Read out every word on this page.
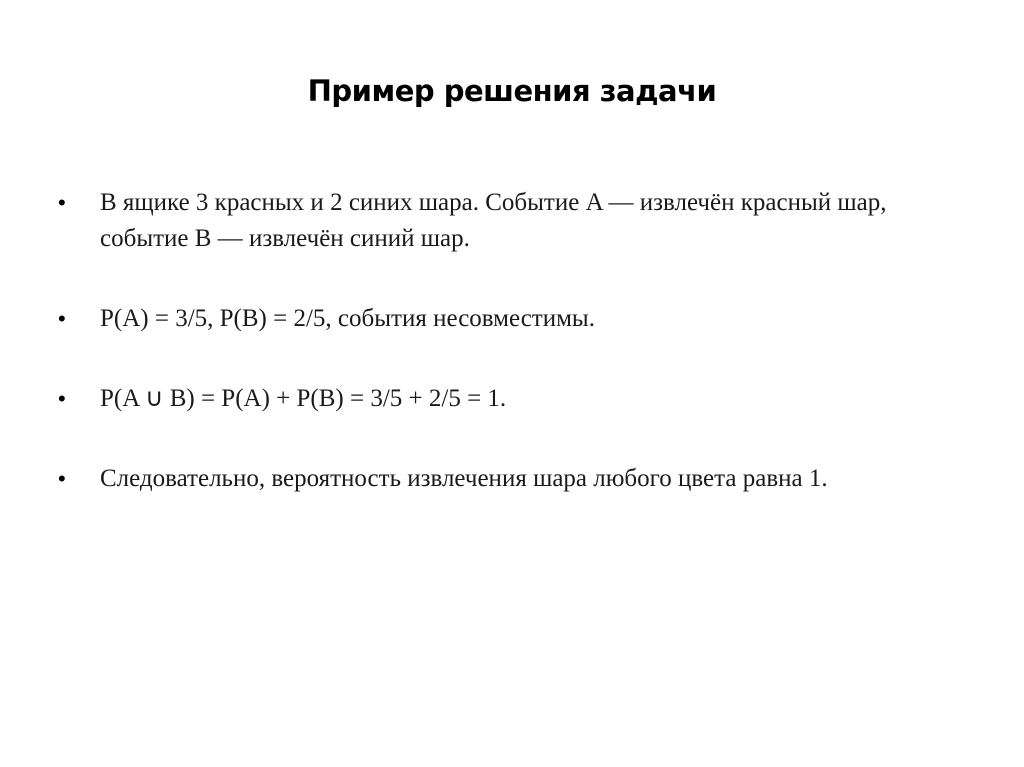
Пример решения задачи
• В ящике 3 красных и 2 синих шара. Событие A — извлечён красный шар, событие B — извлечён синий шар.
• P(A) = 3/5, P(B) = 2/5, события несовместимы.
• P(A ∪ B) = P(A) + P(B) = 3/5 + 2/5 = 1.
• Следовательно, вероятность извлечения шара любого цвета равна 1.
